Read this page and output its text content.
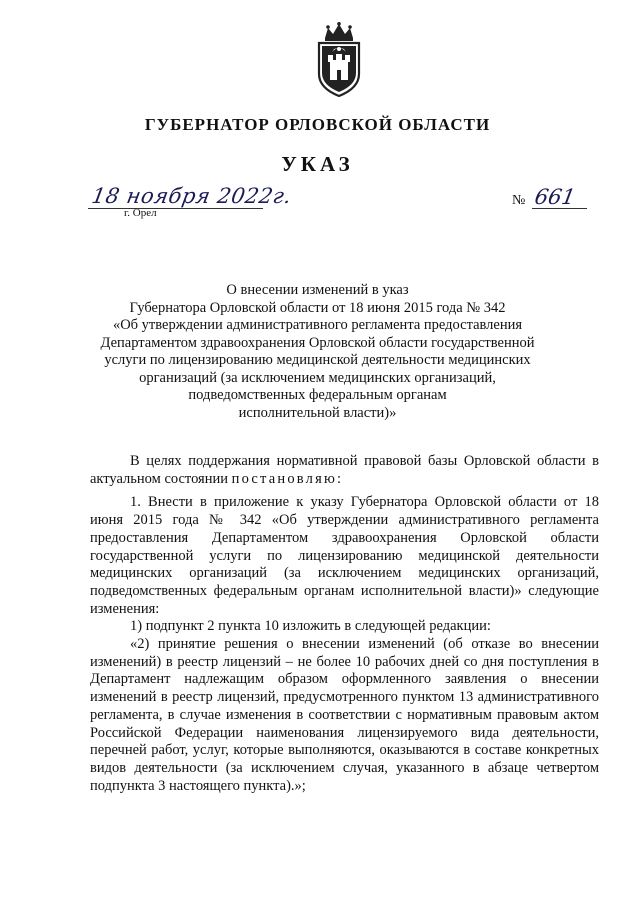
ГУБЕРНАТОР ОРЛОВСКОЙ ОБЛАСТИ
УКАЗ
18 ноября 2022г.
г. Орел
№ 661
О внесении изменений в указ
Губернатора Орловской области от 18 июня 2015 года № 342
«Об утверждении административного регламента предоставления
Департаментом здравоохранения Орловской области государственной
услуги по лицензированию медицинской деятельности медицинских
организаций (за исключением медицинских организаций,
подведомственных федеральным органам
исполнительной власти)»

В целях поддержания нормативной правовой базы Орловской области в актуальном состоянии постановляю:

1. Внести в приложение к указу Губернатора Орловской области от 18 июня 2015 года № 342 «Об утверждении административного регламента предоставления Департаментом здравоохранения Орловской области государственной услуги по лицензированию медицинской деятельности медицинских организаций (за исключением медицинских организаций, подведомственных федеральным органам исполнительной власти)» следующие изменения:

1) подпункт 2 пункта 10 изложить в следующей редакции:

«2) принятие решения о внесении изменений (об отказе во внесении изменений) в реестр лицензий – не более 10 рабочих дней со дня поступления в Департамент надлежащим образом оформленного заявления о внесении изменений в реестр лицензий, предусмотренного пунктом 13 административного регламента, в случае изменения в соответствии с нормативным правовым актом Российской Федерации наименования лицензируемого вида деятельности, перечней работ, услуг, которые выполняются, оказываются в составе конкретных видов деятельности (за исключением случая, указанного в абзаце четвертом подпункта 3 настоящего пункта).»;
